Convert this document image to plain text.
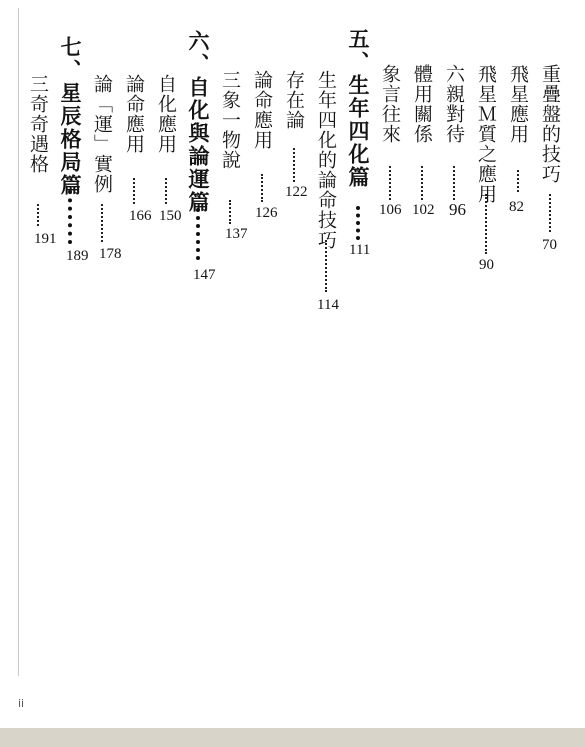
重疊盤的技巧
70
飛星應用
82
飛星Ｍ質之應用
90
六親對待
96
體用關係
102
象言往來
106
五、生年四化篇
111
生年四化的論命技巧
114
存在論
122
論命應用
126
三象一物說
137
六、自化與論運篇
147
自化應用
150
論命應用
166
論「運」實例
178
七、星辰格局篇
189
三奇奇遇格
191
ii
